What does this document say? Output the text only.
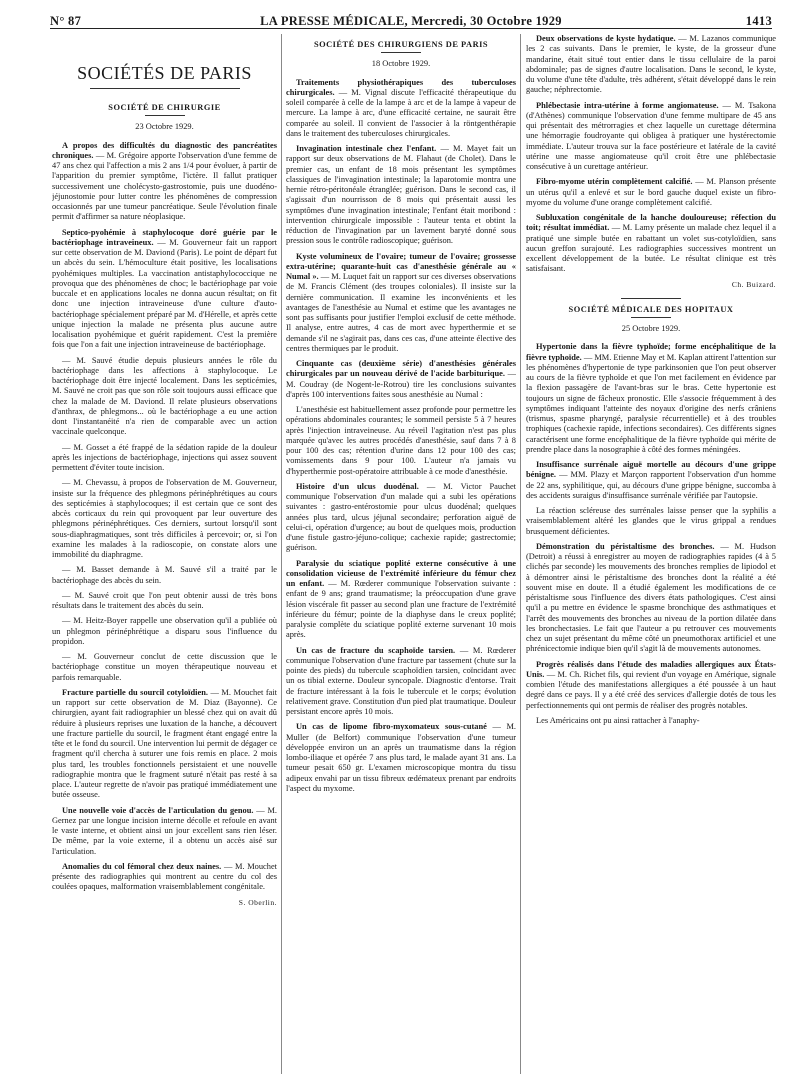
N° 87	LA PRESSE MÉDICALE, Mercredi, 30 Octobre 1929	1413
SOCIÉTÉS DE PARIS
SOCIÉTÉ DE CHIRURGIE
23 Octobre 1929.

A propos des difficultés du diagnostic des pancréatites chroniques. — M. Grégoire apporte l'observation d'une femme de 47 ans chez qui l'affection a mis 2 ans 1/4 pour évoluer, à partir de l'apparition du premier symptôme, l'ictère. Il fallut pratiquer successivement une cholécysto-gastrostomie, puis une duodéno-jéjunostomie pour lutter contre les phénomènes de compression occasionnés par une tumeur pancréatique. Seule l'évolution finale permit d'affirmer sa nature néoplasique.

Septico-pyohémie à staphylocoque doré guérie par le bactériophage intraveineux. — M. Gouverneur fait un rapport sur cette observation de M. Daviond (Paris). Le point de départ fut un abcès du sein. L'hémoculture était positive, les localisations pyohémiques multiples. La vaccination antistaphylococcique ne provoqua que des phénomènes de choc; le bactériophage par voie buccale et en applications locales ne donna aucun résultat; on fit donc une injection intraveineuse d'une culture d'auto-bactériophage spécialement préparé par M. d'Hérelle, et après cette unique injection la malade ne présenta plus aucune autre localisation pyohémique et guérit rapidement. C'est la première fois que l'on a fait une injection intraveineuse de bactériophage.

— M. Sauvé étudie depuis plusieurs années le rôle du bactériophage dans les affections à staphylocoque. Le bactériophage doit être injecté localement. Dans les septicémies, M. Sauvé ne croit pas que son rôle soit toujours aussi efficace que chez la malade de M. Daviond. Il relate plusieurs observations d'anthrax, de phlegmons... où le bactériophage a eu une action dont l'instantanéité n'a rien de comparable avec un action vaccinale quelconque.

— M. Gosset a été frappé de la sédation rapide de la douleur après les injections de bactériophage, injections qui assez souvent permettent d'éviter toute incision.

— M. Chevassu, à propos de l'observation de M. Gouverneur, insiste sur la fréquence des phlegmons périnéphrétiques au cours des septicémies à staphylocoques; il est certain que ce sont des abcès corticaux du rein qui provoquent par leur ouverture des phlegmons périnéphrétiques. Ces derniers, surtout lorsqu'il sont sous-diaphragmatiques, sont très difficiles à percevoir; or, si l'on examine les malades à la radioscopie, on constate alors une immobilité du diaphragme.

— M. Basset demande à M. Sauvé s'il a traité par le bactériophage des abcès du sein.

— M. Sauvé croit que l'on peut obtenir aussi de très bons résultats dans le traitement des abcès du sein.

— M. Heitz-Boyer rappelle une observation qu'il a publiée où un phlegmon périnéphrétique a disparu sous l'influence du propidon.

— M. Gouverneur conclut de cette discussion que le bactériophage constitue un moyen thérapeutique nouveau et parfois remarquable.

Fracture partielle du sourcil cotyloïdien. — M. Mouchet fait un rapport sur cette observation de M. Diaz (Bayonne). Ce chirurgien, ayant fait radiographier un blessé chez qui on avait dû réduire à plusieurs reprises une luxation de la hanche, a découvert une fracture partielle du sourcil, le fragment étant engagé entre la tête et le fond du sourcil. Une intervention lui permit de dégager ce fragment qu'il chercha à suturer une fois remis en place. 2 mois plus tard, les troubles fonctionnels persistaient et une nouvelle radiographie montra que le fragment suturé n'était pas resté à sa place. L'auteur regrette de n'avoir pas pratiqué immédiatement une butée osseuse.

Une nouvelle voie d'accès de l'articulation du genou. — M. Gernez par une longue incision interne décolle et refoule en avant le vaste interne, et obtient ainsi un jour excellent sans rien léser. De même, par la voie externe, il a obtenu un accès aisé sur l'articulation.

Anomalies du col fémoral chez deux naines. — M. Mouchet présente des radiographies qui montrent au centre du col des coulées opaques, malformation vraisemblablement congénitale.

S. Oberlin.
SOCIÉTÉ DES CHIRURGIENS DE PARIS
18 Octobre 1929.

Traitements physiothérapiques des tuberculoses chirurgicales. — M. Vignal discute l'efficacité thérapeutique du soleil comparée à celle de la lampe à arc et de la lampe à vapeur de mercure. La lampe à arc, d'une efficacité certaine, ne saurait être comparée au soleil. Il convient de l'associer à la röntgenthérapie dans le traitement des tuberculoses chirurgicales.

Invagination intestinale chez l'enfant. — M. Mayet fait un rapport sur deux observations de M. Flahaut (de Cholet). Dans le premier cas, un enfant de 18 mois présentant les symptômes classiques de l'invagination intestinale; la laparotomie montra une hernie rétro-péritonéale étranglée; guérison. Dans le second cas, il s'agissait d'un nourrisson de 8 mois qui présentait aussi les symptômes d'une invagination intestinale; l'enfant était moribond : intervention chirurgicale impossible : l'auteur tenta et obtint la réduction de l'invagination par un lavement baryté donné sous pression sous le contrôle radioscopique; guérison.

Kyste volumineux de l'ovaire; tumeur de l'ovaire; grossesse extra-utérine; quarante-huit cas d'anesthésie générale au « Numal ». — M. Luquet fait un rapport sur ces diverses observations de M. Francis Clément (des troupes coloniales). Il insiste sur la dernière communication. Il examine les inconvénients et les avantages de l'anesthésie au Numal et estime que les avantages ne sont pas suffisants pour justifier l'emploi exclusif de cette méthode. Il analyse, entre autres, 4 cas de mort avec hyperthermie et se demande s'il ne s'agirait pas, dans ces cas, d'une atteinte élective des centres thermiques par le produit.

Cinquante cas (deuxième série) d'anesthésies générales chirurgicales par un nouveau dérivé de l'acide barbiturique. — M. Coudray (de Nogent-le-Rotrou) tire les conclusions suivantes d'après 100 interventions faites sous anesthésie au Numal :

L'anesthésie est habituellement assez profonde pour permettre les opérations abdominales courantes; le sommeil persiste 5 à 7 heures après l'injection intraveineuse. Au réveil l'agitation n'est pas plus marquée qu'avec les autres procédés d'anesthésie, sauf dans 7 à 8 pour 100 des cas; rétention d'urine dans 12 pour 100 des cas; vomissements dans 9 pour 100. L'auteur n'a jamais vu d'hyperthermie post-opératoire attribuable à ce mode d'anesthésie.

Histoire d'un ulcus duodénal. — M. Victor Pauchet communique l'observation d'un malade qui a subi les opérations suivantes : gastro-entérostomie pour ulcus duodénal; quelques années plus tard, ulcus jéjunal secondaire; perforation aiguë de celui-ci, opération d'urgence; au bout de quelques mois, production d'une fistule gastro-jéjuno-colique; cachexie rapide; gastrectomie; guérison.

Paralysie du sciatique poplité externe consécutive à une consolidation vicieuse de l'extrémité inférieure du fémur chez un enfant. — M. Rœderer communique l'observation suivante : enfant de 9 ans; grand traumatisme; la préoccupation d'une grave lésion viscérale fit passer au second plan une fracture de l'extrémité inférieure du fémur; pointe de la diaphyse dans le creux poplité; paralysie complète du sciatique poplité externe survenant 10 mois après.

Un cas de fracture du scaphoïde tarsien. — M. Rœderer communique l'observation d'une fracture par tassement (chute sur la pointe des pieds) du tubercule scaphoïdien tarsien, coïncidant avec un os tibial externe. Douleur syncopale. Diagnostic d'entorse. Trait de fracture intéressant à la fois le tubercule et le corps; évolution relativement grave. Constitution d'un pied plat traumatique. Douleur persistant encore après 10 mois.

Un cas de lipome fibro-myxomateux sous-cutané — M. Muller (de Belfort) communique l'observation d'une tumeur développée environ un an après un traumatisme dans la région lombo-iliaque et opérée 7 ans plus tard, le malade ayant 31 ans. La tumeur pesait 650 gr. L'examen microscopique montra du tissu adipeux envahi par un tissu fibreux œdémateux prenant par endroits l'aspect du myxome.

Deux observations de kyste hydatique. — M. Lazanos communique les 2 cas suivants. Dans le premier, le kyste, de la grosseur d'une mandarine, était situé tout entier dans le tissu cellulaire de la paroi abdominale; pas de signes d'autre localisation. Dans le second, le kyste, du volume d'une tête d'adulte, très adhérent, s'était développé dans le rein gauche; néphrectomie.

Phlébectasie intra-utérine à forme angiomateuse. — M. Tsakona (d'Athènes) communique l'observation d'une femme multipare de 45 ans qui présentait des métrorragies et chez laquelle un curettage détermina une hémorragie foudroyante qui obligea à pratiquer une hystérectomie immédiate. L'auteur trouva sur la face postérieure et latérale de la cavité utérine une masse angiomateuse qu'il croit être une phlébectasie consécutive à un curettage antérieur.

Fibro-myome utérin complètement calcifié. — M. Planson présente un utérus qu'il a enlevé et sur le bord gauche duquel existe un fibro-myome du volume d'une orange complètement calcifié.

Subluxation congénitale de la hanche douloureuse; réfection du toit; résultat immédiat. — M. Lamy présente un malade chez lequel il a pratiqué une simple butée en rabattant un volet sus-cotyloïdien, sans aucun greffon surajouté. Les radiographies successives montrent un excellent développement de la butée. Le résultat clinique est très satisfaisant.

Ch. Buizard.
SOCIÉTÉ MÉDICALE DES HOPITAUX
25 Octobre 1929.

Hypertonie dans la fièvre typhoïde; forme encéphalitique de la fièvre typhoïde. — MM. Etienne May et M. Kaplan attirent l'attention sur les phénomènes d'hypertonie de type parkinsonien que l'on peut observer au cours de la fièvre typhoïde et que l'on met facilement en évidence par la flexion passagère de l'avant-bras sur le bras. Cette hypertonie est toujours un signe de fâcheux pronostic. Elle s'associe fréquemment à des symptômes indiquant l'atteinte des noyaux d'origine des nerfs crâniens (trismus, spasme pharyngé, paralysie récurrentielle) et à des troubles trophiques (cachexie rapide, infections secondaires). Ces différents signes caractérisent une forme encéphalitique de la fièvre typhoïde qui mérite de prendre place dans la nosographie à côté des formes méningées.

Insuffisance surrénale aiguë mortelle au décours d'une grippe bénigne. — MM. Plazy et Marçon rapportent l'observation d'un homme de 22 ans, syphilitique, qui, au décours d'une grippe bénigne, succomba à des accidents suraigus d'insuffisance surrénale vérifiée par l'autopsie.

La réaction scléreuse des surrénales laisse penser que la syphilis a vraisemblablement altéré les glandes que le virus grippal a rendues brusquement déficientes.

Démonstration du péristaltisme des bronches. — M. Hudson (Detroit) a réussi à enregistrer au moyen de radiographies rapides (4 à 5 clichés par seconde) les mouvements des bronches remplies de lipiodol et à démontrer ainsi le péristaltisme des bronches dont la réalité a été souvent mise en doute. Il a étudié également les modifications de ce péristaltisme sous l'influence des divers états pathologiques. C'est ainsi qu'il a pu mettre en évidence le spasme bronchique des asthmatiques et l'arrêt des mouvements des bronches au niveau de la portion dilatée dans les bronchectasies. Le fait que l'auteur a pu retrouver ces mouvements chez un sujet présentant du même côté un pneumothorax artificiel et une phrénicectomie indique bien qu'il s'agit là de mouvements autonomes.

Progrès réalisés dans l'étude des maladies allergiques aux États-Unis. — M. Ch. Richet fils, qui revient d'un voyage en Amérique, signale combien l'étude des manifestations allergiques a été poussée à un haut degré dans ce pays. Il y a été créé des services d'allergie dotés de tous les perfectionnements qui ont permis de réaliser des progrès notables.

Les Américains ont pu ainsi rattacher à l'anaphy-
